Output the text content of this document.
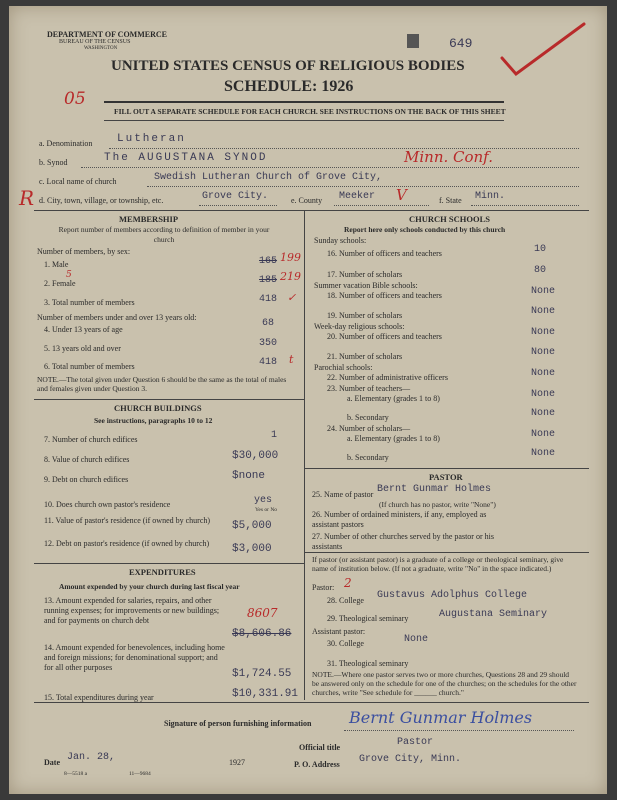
DEPARTMENT OF COMMERCE
BUREAU OF THE CENSUS
WASHINGTON	649
UNITED STATES CENSUS OF RELIGIOUS BODIES
SCHEDULE: 1926
05
FILL OUT A SEPARATE SCHEDULE FOR EACH CHURCH. SEE INSTRUCTIONS ON THE BACK OF THIS SHEET
a. Denomination Lutheran
b. Synod	The AUGUSTANA SYNOD	Minn. Conf.
c. Local name of church	Swedish Lutheran Church of Grove City,
R d. City, town, village, or township, etc.	Grove City.	e. County Meeker V	f. State Minn.
MEMBERSHIP
Report number of members according to definition of member in your church
Number of members, by sex:
1. Male	165 199
5
2. Female	185 219
3. Total number of members	418 ✓
Number of members under and over 13 years old:
4. Under 13 years of age
68
5. 13 years old and over	350
6. Total number of members	418 t
NOTE.—The total given under Question 6 should be the same as the total of males and females given under Question 3.
CHURCH BUILDINGS
See instructions, paragraphs 10 to 12
7. Number of church edifices	1
8. Value of church edifices	$30,000
9. Debt on church edifices	$none
10. Does church own pastor's residence	yes
Yes or No
11. Value of pastor's residence (if owned by church)	$5,000
12. Debt on pastor's residence (if owned by church)	$3,000
EXPENDITURES
Amount expended by your church during last fiscal year
13. Amount expended for salaries, repairs, and other running expenses; for improvements or new buildings; and for payments on church debt
8607
$8,606.86
14. Amount expended for benevolences, including home and foreign missions; for denominational support; and for all other purposes
$1,724.55
15. Total expenditures during year	$10,331.91
CHURCH SCHOOLS
Report here only schools conducted by this church
Sunday schools:
16. Number of officers and teachers	10
17. Number of scholars	80
Summer vacation Bible schools:
18. Number of officers and teachers	None
19. Number of scholars	None
Week-day religious schools:
20. Number of officers and teachers	None
21. Number of scholars	None
Parochial schools:
22. Number of administrative officers	None
23. Number of teachers—
a. Elementary (grades 1 to 8)	None
b. Secondary	None
24. Number of scholars—
a. Elementary (grades 1 to 8)	None
b. Secondary	None
PASTOR
25. Name of pastor Bernt Gunmar Holmes
(If church has no pastor, write "None")
26. Number of ordained ministers, if any, employed as assistant pastors
27. Number of other churches served by the pastor or his assistants
If pastor (or assistant pastor) is a graduate of a college or theological seminary, give name of institution below. (If not a graduate, write "No" in the space indicated.)
Pastor: 2
28. College Gustavus Adolphus College
29. Theological seminary	Augustana Seminary
Assistant pastor:
30. College	None
31. Theological seminary
NOTE.—Where one pastor serves two or more churches, Questions 28 and 29 should be answered only on the schedule for one of the churches; on the schedules for the other churches, write "See schedule for ______ church."
Signature of person furnishing information Bernt Gunmar Holmes
Official title	Pastor
Date Jan. 28,	1927	P. O. Address Grove City, Minn.
8—5518 a	11—9684
